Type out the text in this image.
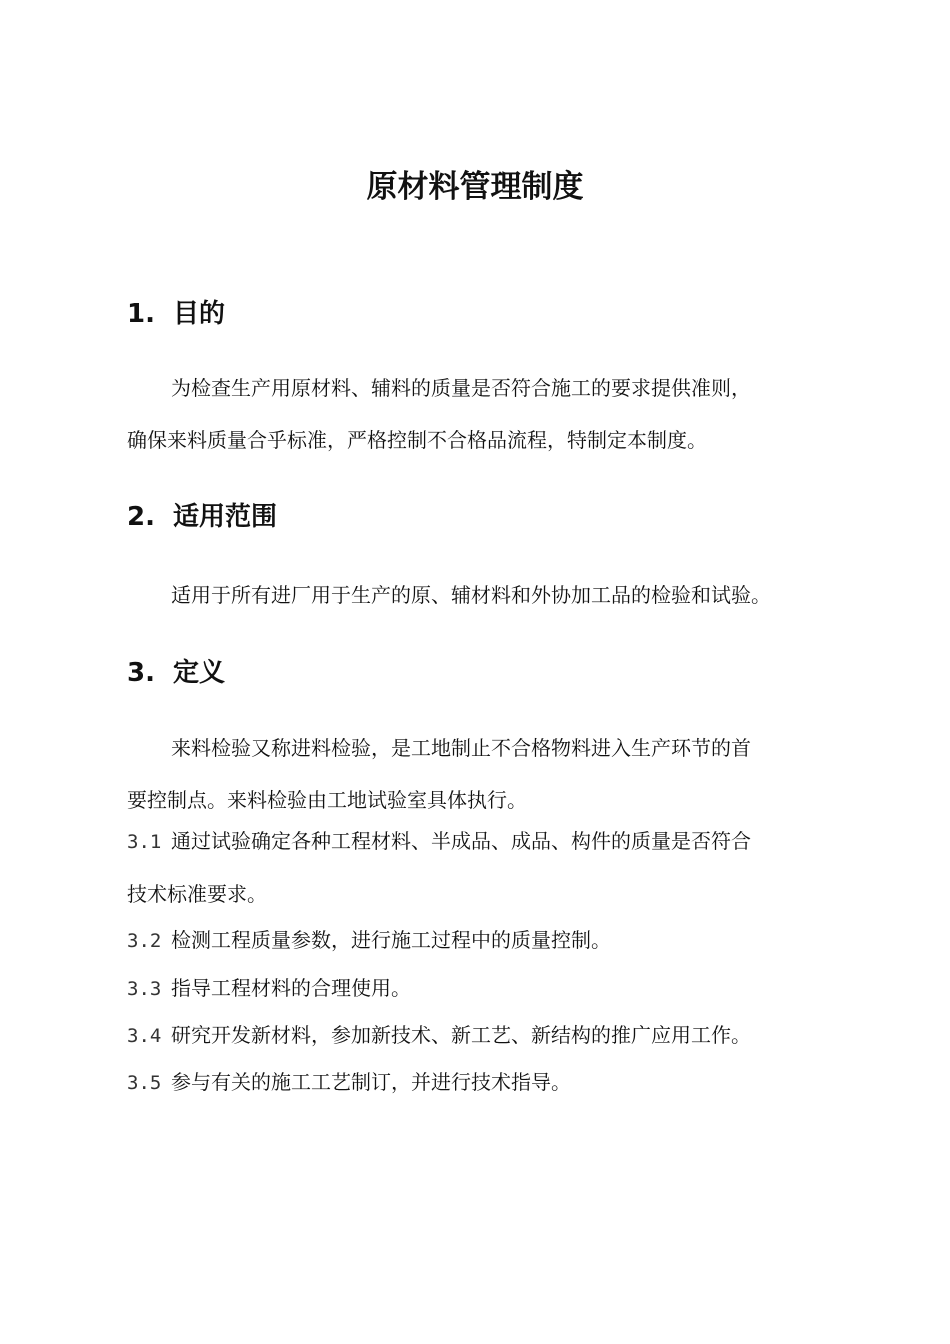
原材料管理制度
1. 目的
为检查生产用原材料、辅料的质量是否符合施工的要求提供准则，
确保来料质量合乎标准，严格控制不合格品流程，特制定本制度。
2. 适用范围
适用于所有进厂用于生产的原、辅材料和外协加工品的检验和试验。
3. 定义
来料检验又称进料检验，是工地制止不合格物料进入生产环节的首
要控制点。来料检验由工地试验室具体执行。
3.1 通过试验确定各种工程材料、半成品、成品、构件的质量是否符合
技术标准要求。
3.2 检测工程质量参数，进行施工过程中的质量控制。
3.3 指导工程材料的合理使用。
3.4 研究开发新材料，参加新技术、新工艺、新结构的推广应用工作。
3.5 参与有关的施工工艺制订，并进行技术指导。
